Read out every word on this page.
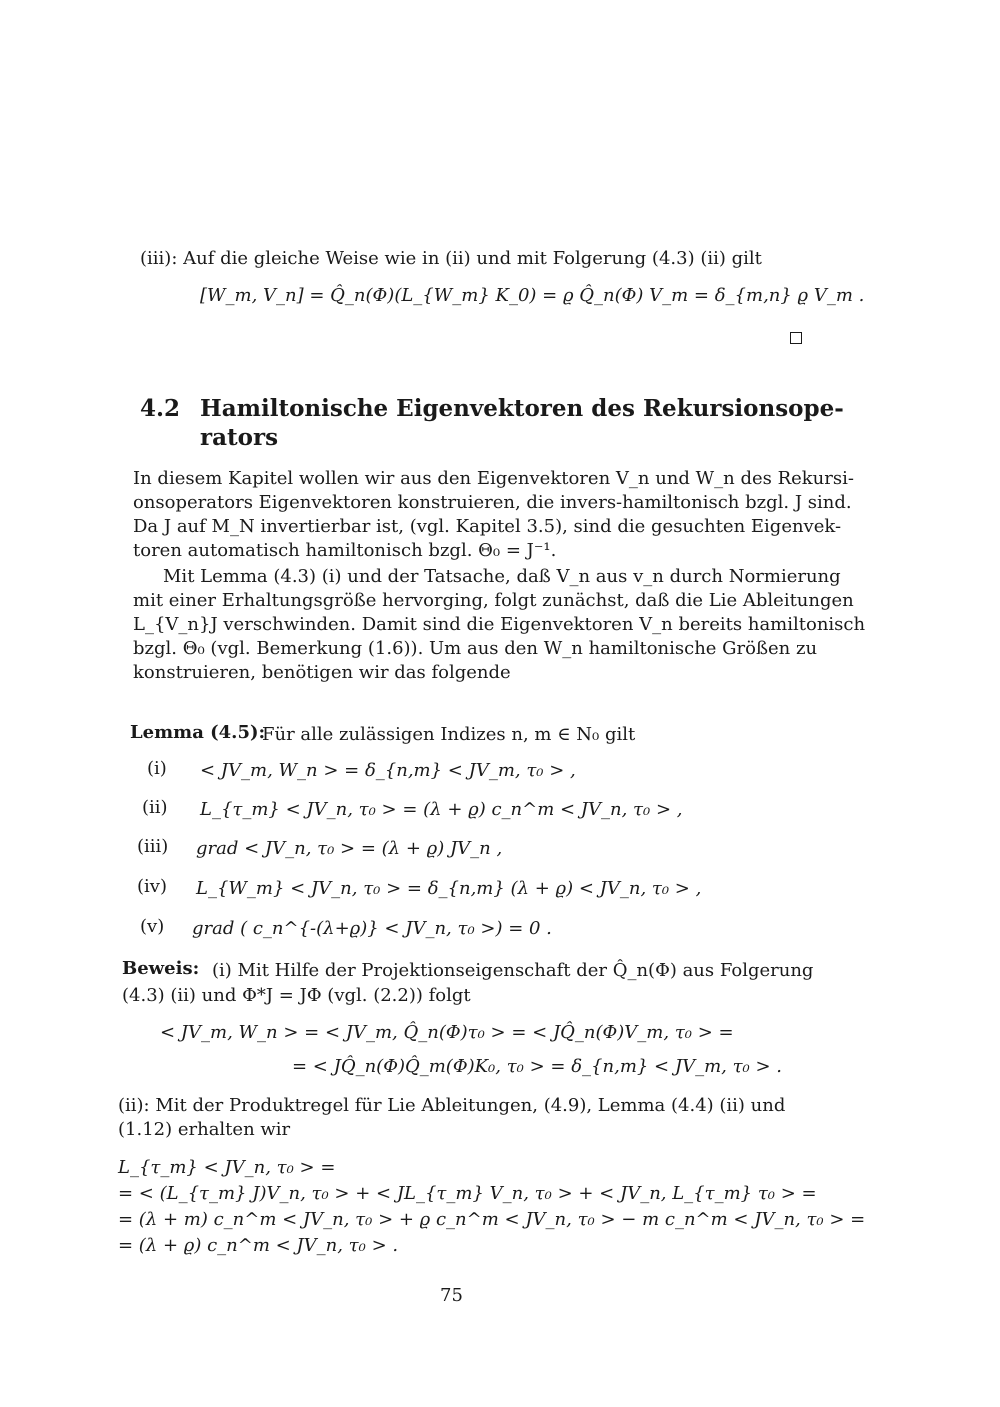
(iii): Auf die gleiche Weise wie in (ii) und mit Folgerung (4.3) (ii) gilt
[W_m, V_n] = Q̂_n(Φ)(L_{W_m} K_0) = ϱ Q̂_n(Φ) V_m = δ_{m,n} ϱ V_m .
4.2 Hamiltonische Eigenvektoren des Rekursionsope-
rators
In diesem Kapitel wollen wir aus den Eigenvektoren V_n und W_n des Rekursi-
onsoperators Eigenvektoren konstruieren, die invers-hamiltonisch bzgl. J sind.
Da J auf M_N invertierbar ist, (vgl. Kapitel 3.5), sind die gesuchten Eigenvek-
toren automatisch hamiltonisch bzgl. Θ₀ = J⁻¹.
Mit Lemma (4.3) (i) und der Tatsache, daß V_n aus v_n durch Normierung
mit einer Erhaltungsgröße hervorging, folgt zunächst, daß die Lie Ableitungen
L_{V_n}J verschwinden. Damit sind die Eigenvektoren V_n bereits hamiltonisch
bzgl. Θ₀ (vgl. Bemerkung (1.6)). Um aus den W_n hamiltonische Größen zu
konstruieren, benötigen wir das folgende
Lemma (4.5):
Für alle zulässigen Indizes n, m ∈ N₀ gilt
(i) < JV_m, W_n > = δ_{n,m} < JV_m, τ₀ > ,
(ii) L_{τ_m} < JV_n, τ₀ > = (λ + ϱ) c_n^m < JV_n, τ₀ > ,
(iii) grad < JV_n, τ₀ > = (λ + ϱ) JV_n ,
(iv) L_{W_m} < JV_n, τ₀ > = δ_{n,m} (λ + ϱ) < JV_n, τ₀ > ,
(v) grad ( c_n^{-(λ+ϱ)} < JV_n, τ₀ >) = 0 .
Beweis: (i) Mit Hilfe der Projektionseigenschaft der Q̂_n(Φ) aus Folgerung
(4.3) (ii) und Φ*J = JΦ (vgl. (2.2)) folgt
< JV_m, W_n > = < JV_m, Q̂_n(Φ)τ₀ > = < JQ̂_n(Φ)V_m, τ₀ > =
= < JQ̂_n(Φ)Q̂_m(Φ)K₀, τ₀ > = δ_{n,m} < JV_m, τ₀ > .
(ii): Mit der Produktregel für Lie Ableitungen, (4.9), Lemma (4.4) (ii) und
(1.12) erhalten wir
L_{τ_m} < JV_n, τ₀ > =
= < (L_{τ_m} J)V_n, τ₀ > + < JL_{τ_m} V_n, τ₀ > + < JV_n, L_{τ_m} τ₀ > =
= (λ + m) c_n^m < JV_n, τ₀ > + ϱ c_n^m < JV_n, τ₀ > − m c_n^m < JV_n, τ₀ > =
= (λ + ϱ) c_n^m < JV_n, τ₀ > .
75
